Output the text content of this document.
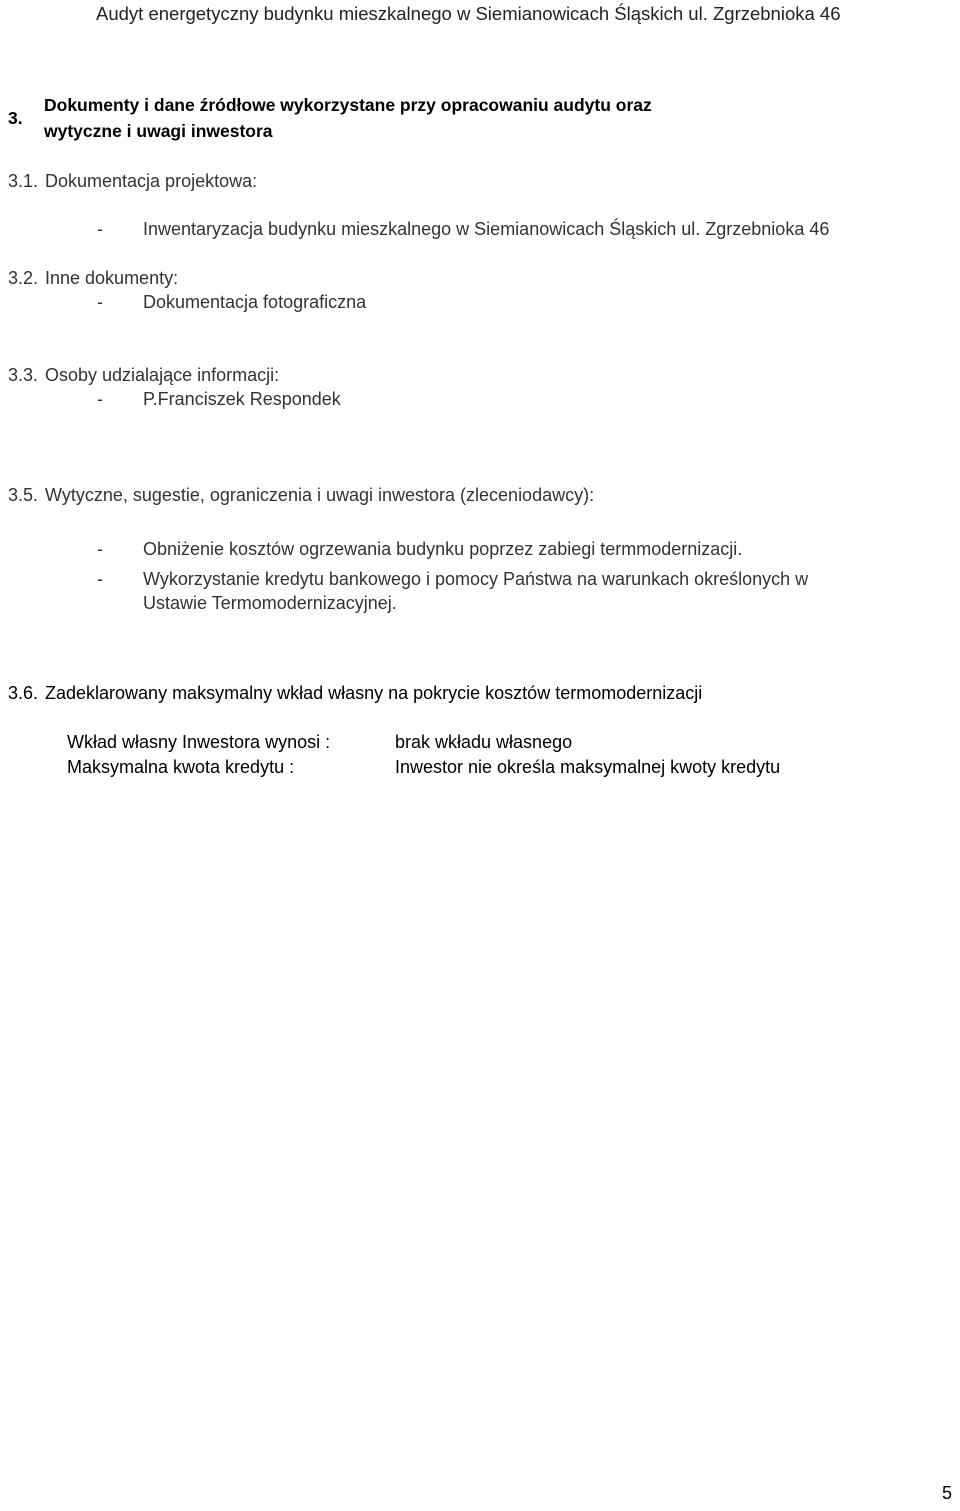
Audyt energetyczny budynku mieszkalnego w Siemianowicach Śląskich ul. Zgrzebnioka 46
3.
Dokumenty i dane źródłowe wykorzystane przy opracowaniu audytu oraz
wytyczne i uwagi inwestora
3.1. Dokumentacja projektowa:
- Inwentaryzacja budynku mieszkalnego w Siemianowicach Śląskich ul. Zgrzebnioka 46
3.2. Inne dokumenty:
- Dokumentacja fotograficzna
3.3. Osoby udzialające informacji:
- P.Franciszek Respondek
3.5. Wytyczne, sugestie, ograniczenia i uwagi inwestora (zleceniodawcy):
- Obniżenie kosztów ogrzewania budynku poprzez zabiegi termmodernizacji.
- Wykorzystanie kredytu bankowego i pomocy Państwa na warunkach określonych w
Ustawie Termomodernizacyjnej.
3.6. Zadeklarowany maksymalny wkład własny na pokrycie kosztów termomodernizacji
Wkład własny Inwestora wynosi :	brak wkładu własnego
Maksymalna kwota kredytu :	Inwestor nie określa maksymalnej kwoty kredytu
5
